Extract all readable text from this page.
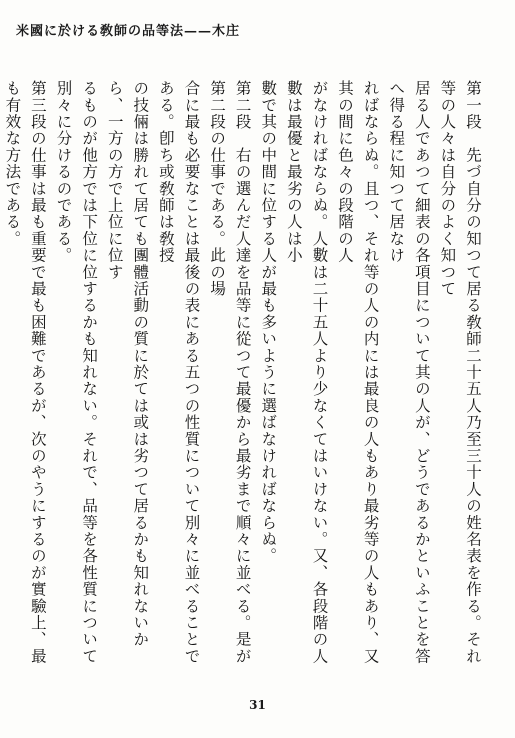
米國に於ける敎師の品等法——木庄

第一段　先づ自分の知つて居る敎師二十五人乃至三十人の姓名表を作る。それ等の人々は自分のよく知つて

居る人であつて細表の各項目について其の人が、どうであるかといふことを答へ得る程に知つて居なけ

ればならぬ。且つ、それ等の人の内には最良の人もあり最劣等の人もあり、又其の間に色々の段階の人

がなければならぬ。人數は二十五人より少なくてはいけない。又、各段階の人數は最優と最劣の人は小

數で其の中間に位する人が最も多いように選ばなければならぬ。

第二段　右の選んだ人達を品等に從つて最優から最劣まで順々に並べる。是が第二段の仕事である。此の場

合に最も必要なことは最後の表にある五つの性質について別々に並べることである。卽ち或敎師は敎授

の技倆は勝れて居ても團體活動の質に於ては或は劣つて居るかも知れないから、一方の方で上位に位す

るものが他方では下位に位するかも知れない。それで、品等を各性質について別々に分けるのである。

第三段の仕事は最も重要で最も困難であるが、次のやうにするのが實驗上、最も有效な方法である。

31
